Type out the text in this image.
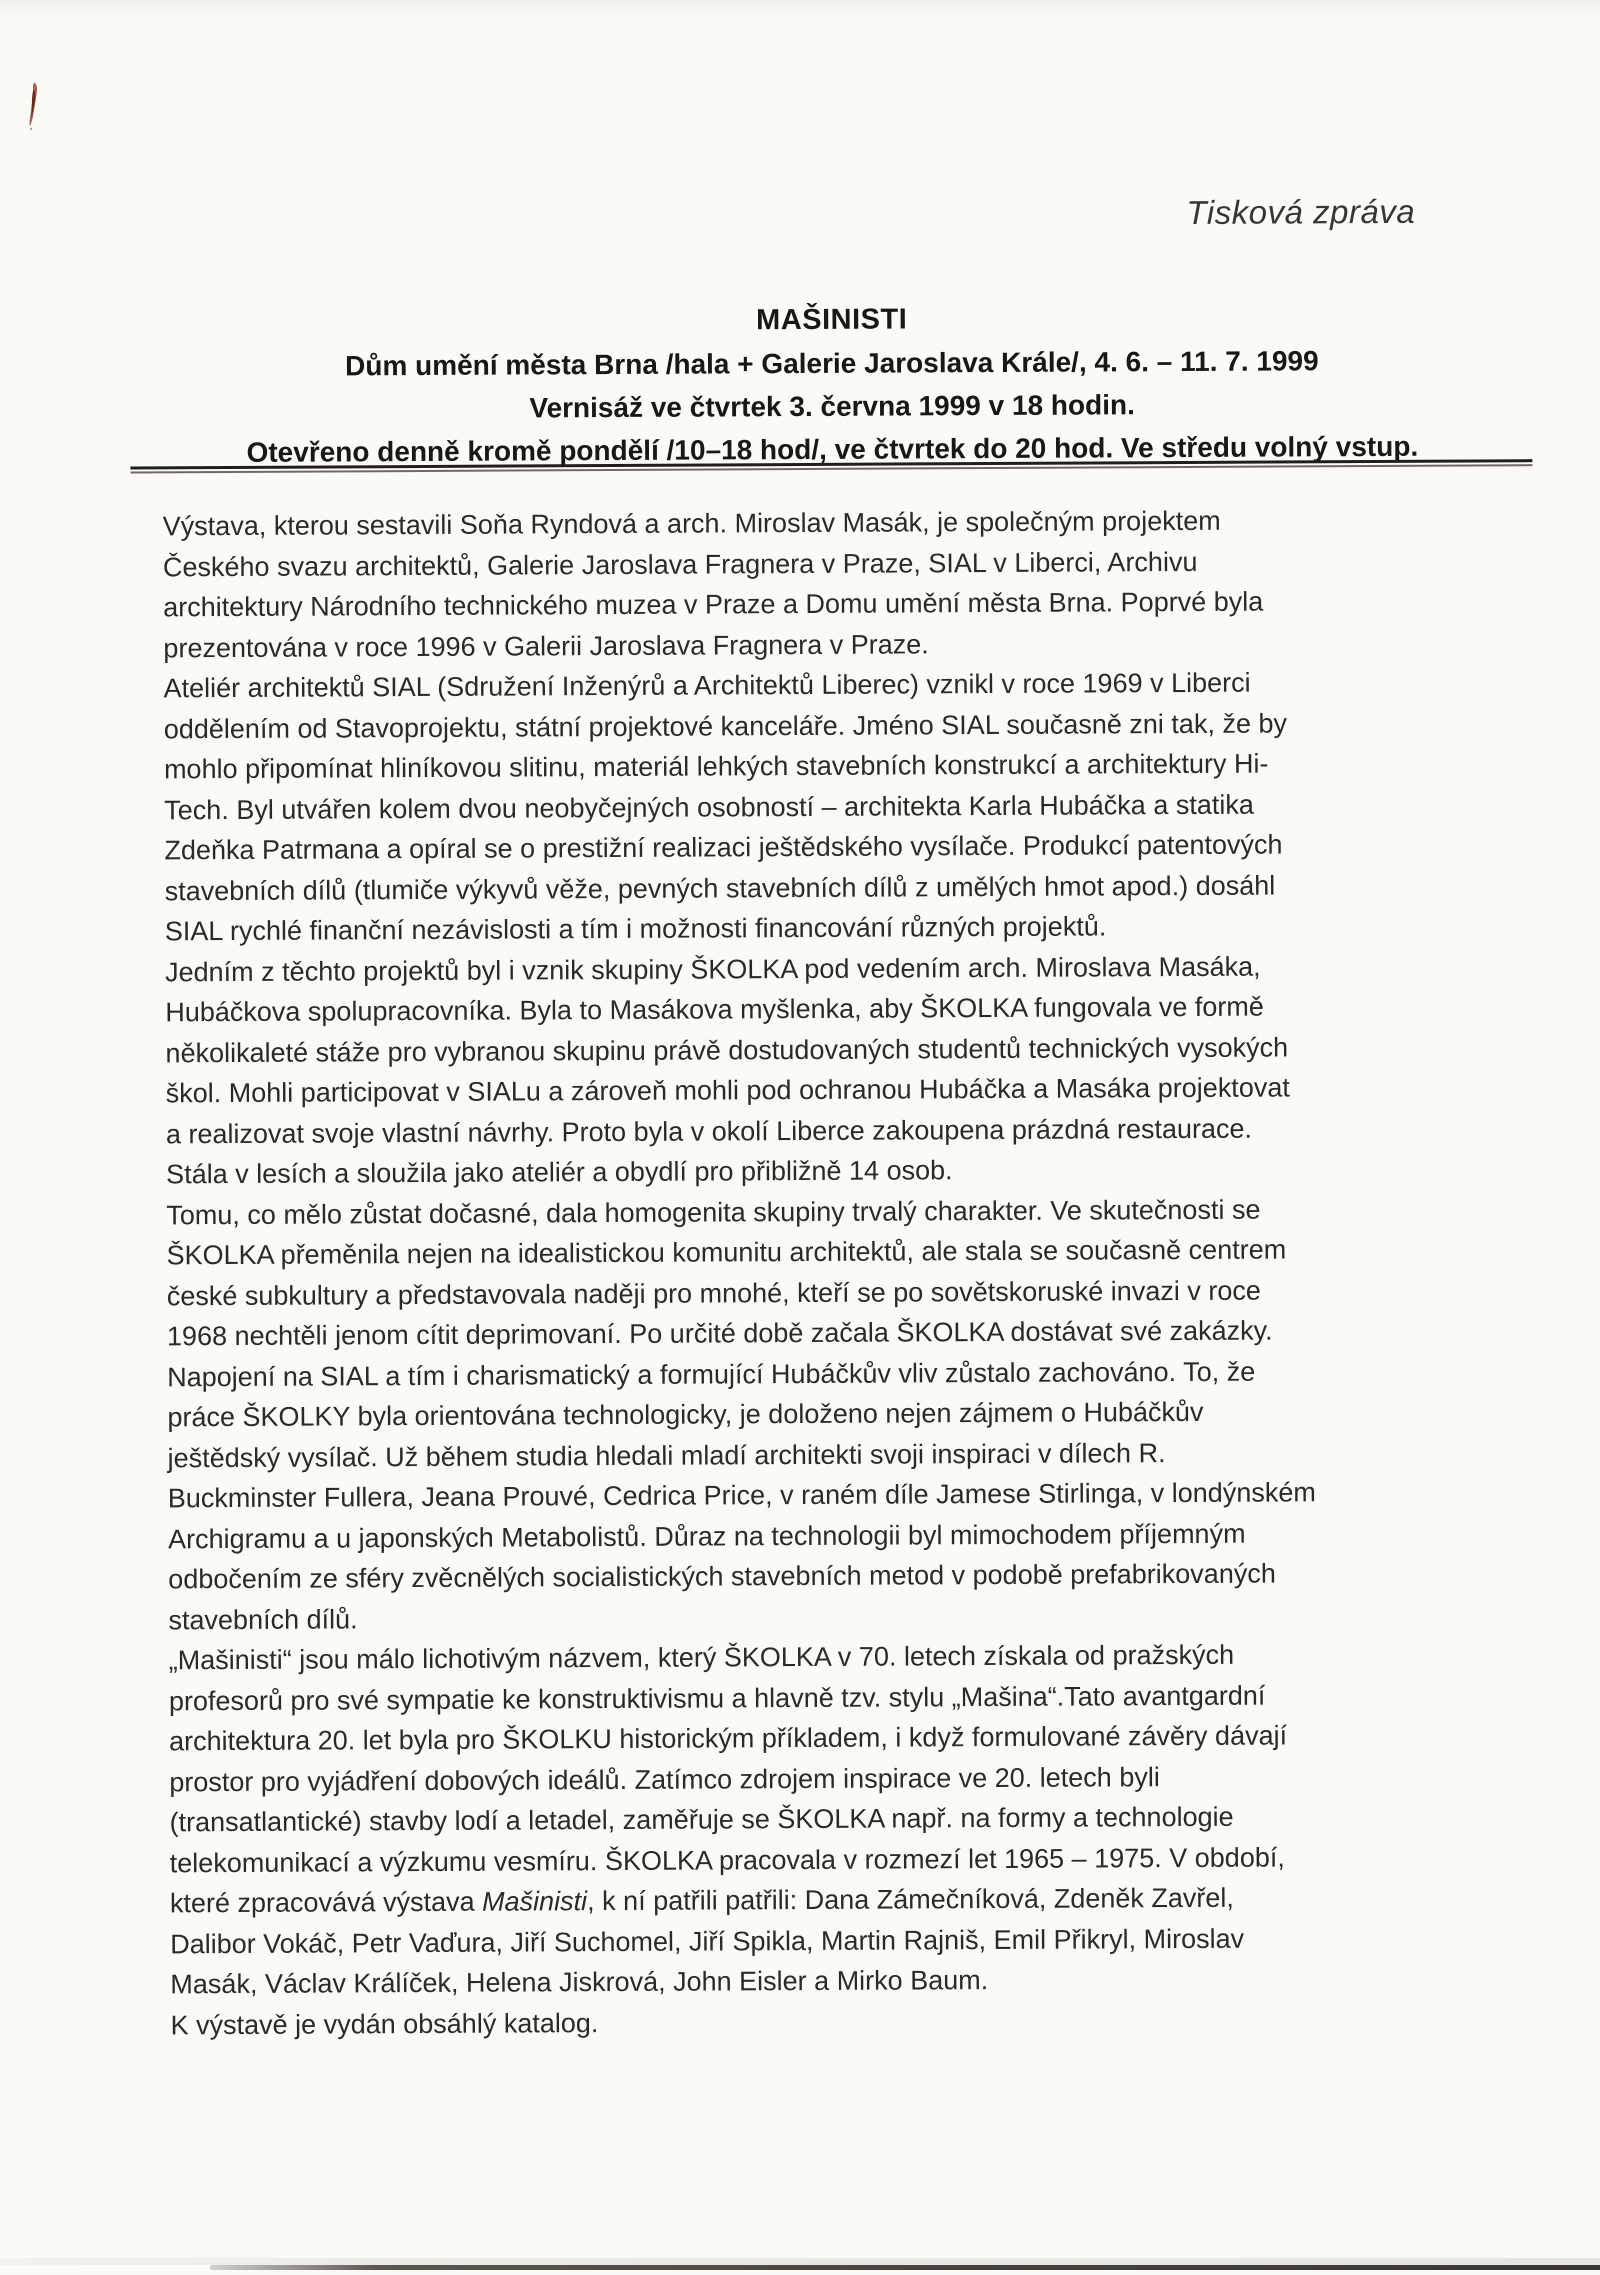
Tisková zpráva
MAŠINISTI
Dům umění města Brna /hala + Galerie Jaroslava Krále/, 4. 6. – 11. 7. 1999
Vernisáž ve čtvrtek 3. června 1999 v 18 hodin.
Otevřeno denně kromě pondělí /10–18 hod/, ve čtvrtek do 20 hod. Ve středu volný vstup.

Výstava, kterou sestavili Soňa Ryndová a arch. Miroslav Masák, je společným projektem
Českého svazu architektů, Galerie Jaroslava Fragnera v Praze, SIAL v Liberci, Archivu
architektury Národního technického muzea v Praze a Domu umění města Brna. Poprvé byla
prezentována v roce 1996 v Galerii Jaroslava Fragnera v Praze.

Ateliér architektů SIAL (Sdružení Inženýrů a Architektů Liberec) vznikl v roce 1969 v Liberci
oddělením od Stavoprojektu, státní projektové kanceláře. Jméno SIAL současně zni tak, že by
mohlo připomínat hliníkovou slitinu, materiál lehkých stavebních konstrukcí a architektury Hi-
Tech. Byl utvářen kolem dvou neobyčejných osobností – architekta Karla Hubáčka a statika
Zdeňka Patrmana a opíral se o prestižní realizaci ještědského vysílače. Produkcí patentových
stavebních dílů (tlumiče výkyvů věže, pevných stavebních dílů z umělých hmot apod.) dosáhl
SIAL rychlé finanční nezávislosti a tím i možnosti financování různých projektů.

Jedním z těchto projektů byl i vznik skupiny ŠKOLKA pod vedením arch. Miroslava Masáka,
Hubáčkova spolupracovníka. Byla to Masákova myšlenka, aby ŠKOLKA fungovala ve formě
několikaleté stáže pro vybranou skupinu právě dostudovaných studentů technických vysokých
škol. Mohli participovat v SIALu a zároveň mohli pod ochranou Hubáčka a Masáka projektovat
a realizovat svoje vlastní návrhy. Proto byla v okolí Liberce zakoupena prázdná restaurace.
Stála v lesích a sloužila jako ateliér a obydlí pro přibližně 14 osob.

Tomu, co mělo zůstat dočasné, dala homogenita skupiny trvalý charakter. Ve skutečnosti se
ŠKOLKA přeměnila nejen na idealistickou komunitu architektů, ale stala se současně centrem
české subkultury a představovala naději pro mnohé, kteří se po sovětskoruské invazi v roce
1968 nechtěli jenom cítit deprimovaní. Po určité době začala ŠKOLKA dostávat své zakázky.
Napojení na SIAL a tím i charismatický a formující Hubáčkův vliv zůstalo zachováno. To, že
práce ŠKOLKY byla orientována technologicky, je doloženo nejen zájmem o Hubáčkův
ještědský vysílač. Už během studia hledali mladí architekti svoji inspiraci v dílech R.
Buckminster Fullera, Jeana Prouvé, Cedrica Price, v raném díle Jamese Stirlinga, v londýnském
Archigramu a u japonských Metabolistů. Důraz na technologii byl mimochodem příjemným
odbočením ze sféry zvěcnělých socialistických stavebních metod v podobě prefabrikovaných
stavebních dílů.

„Mašinisti“ jsou málo lichotivým názvem, který ŠKOLKA v 70. letech získala od pražských
profesorů pro své sympatie ke konstruktivismu a hlavně tzv. stylu „Mašina“.Tato avantgardní
architektura 20. let byla pro ŠKOLKU historickým příkladem, i když formulované závěry dávají
prostor pro vyjádření dobových ideálů. Zatímco zdrojem inspirace ve 20. letech byli
(transatlantické) stavby lodí a letadel, zaměřuje se ŠKOLKA např. na formy a technologie
telekomunikací a výzkumu vesmíru. ŠKOLKA pracovala v rozmezí let 1965 – 1975. V období,
které zpracovává výstava Mašinisti, k ní patřili patřili: Dana Zámečníková, Zdeněk Zavřel,
Dalibor Vokáč, Petr Vaďura, Jiří Suchomel, Jiří Spikla, Martin Rajniš, Emil Přikryl, Miroslav
Masák, Václav Králíček, Helena Jiskrová, John Eisler a Mirko Baum.

K výstavě je vydán obsáhlý katalog.
